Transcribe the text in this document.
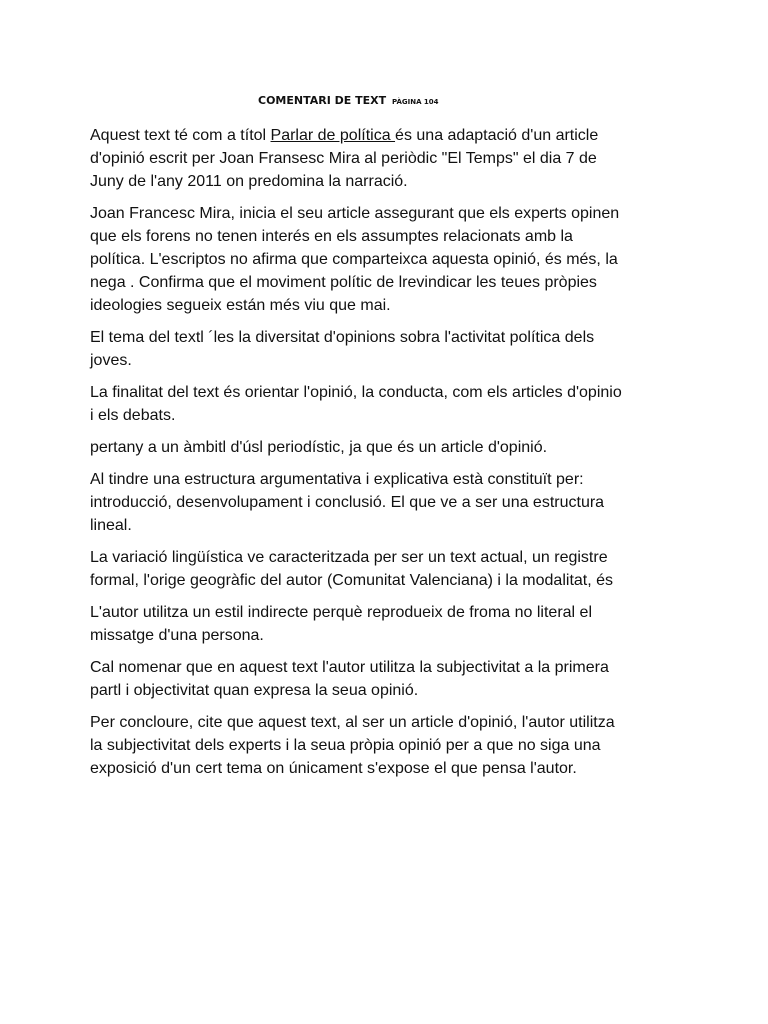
COMENTARI DE TEXT PÀGINA 104

Aquest text té com a títol Parlar de política és una adaptació d'un article
d'opinió escrit per Joan Fransesc Mira al periòdic "El Temps" el dia 7 de
Juny de l'any 2011 on predomina la narració.

Joan Francesc Mira, inicia el seu article assegurant que els experts opinen
que els forens no tenen interés en els assumptes relacionats amb la
política. L'escriptos no afirma que comparteixca aquesta opinió, és més, la
nega . Confirma que el moviment polític de lrevindicar les teues pròpies
ideologies segueix están més viu que mai.

El tema del textl ´les la diversitat d'opinions sobra l'activitat política dels
joves.

La finalitat del text és orientar l'opinió, la conducta, com els articles d'opinio
i els debats.

pertany a un àmbitl d'úsl periodístic, ja que és un article d'opinió.

Al tindre una estructura argumentativa i explicativa està constituït per:
introducció, desenvolupament i conclusió. El que ve a ser una estructura
lineal.

La variació lingüística ve caracteritzada per ser un text actual, un registre
formal, l'orige geogràfic del autor (Comunitat Valenciana) i la modalitat, és

L'autor utilitza un estil indirecte perquè reprodueix de froma no literal el
missatge d'una persona.

Cal nomenar que en aquest text l'autor utilitza la subjectivitat a la primera
partl i objectivitat quan expresa la seua opinió.

Per concloure, cite que aquest text, al ser un article d'opinió, l'autor utilitza
la subjectivitat dels experts i la seua pròpia opinió per a que no siga una
exposició d'un cert tema on únicament s'expose el que pensa l'autor.
